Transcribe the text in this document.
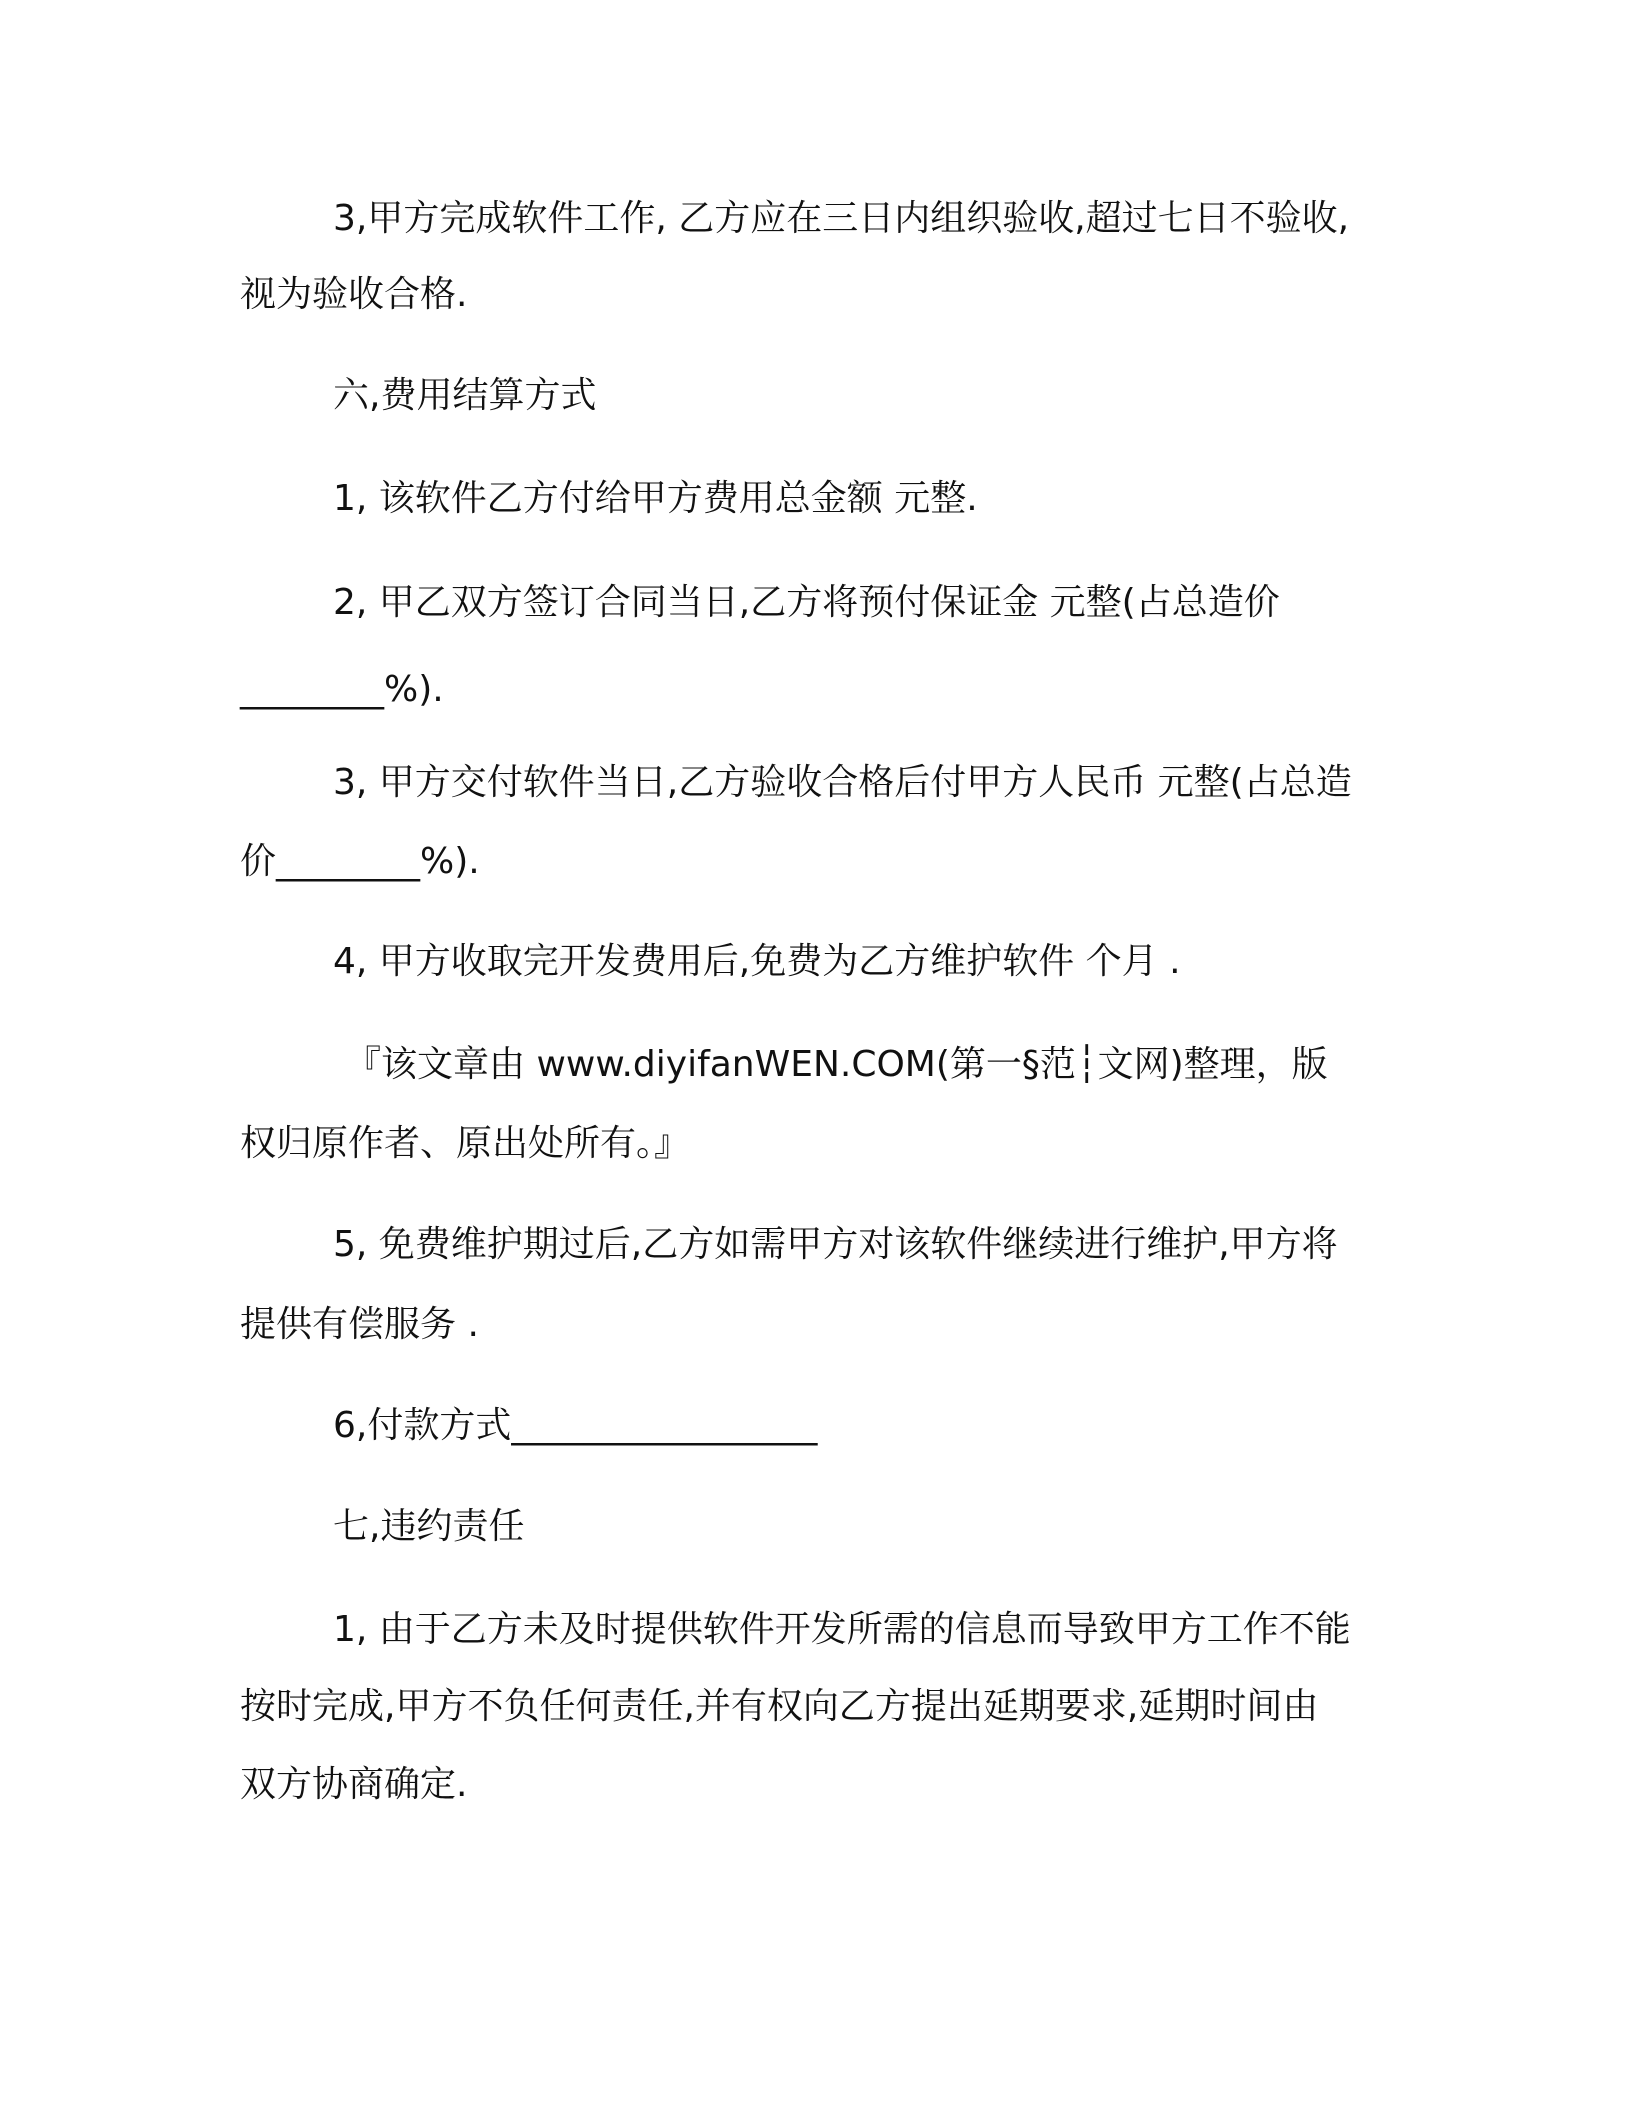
3,甲方完成软件工作, 乙方应在三日内组织验收,超过七日不验收,
视为验收合格.
六,费用结算方式
1, 该软件乙方付给甲方费用总金额 元整.
2, 甲乙双方签订合同当日,乙方将预付保证金 元整(占总造价
________%).
3, 甲方交付软件当日,乙方验收合格后付甲方人民币 元整(占总造
价________%).
4, 甲方收取完开发费用后,免费为乙方维护软件 个月 .
『该文章由 www.diyifanWEN.COM(第一§范┆文网)整理，版
权归原作者、原出处所有。』
5, 免费维护期过后,乙方如需甲方对该软件继续进行维护,甲方将
提供有偿服务 .
6,付款方式_________________
七,违约责任
1, 由于乙方未及时提供软件开发所需的信息而导致甲方工作不能
按时完成,甲方不负任何责任,并有权向乙方提出延期要求,延期时间由
双方协商确定.
